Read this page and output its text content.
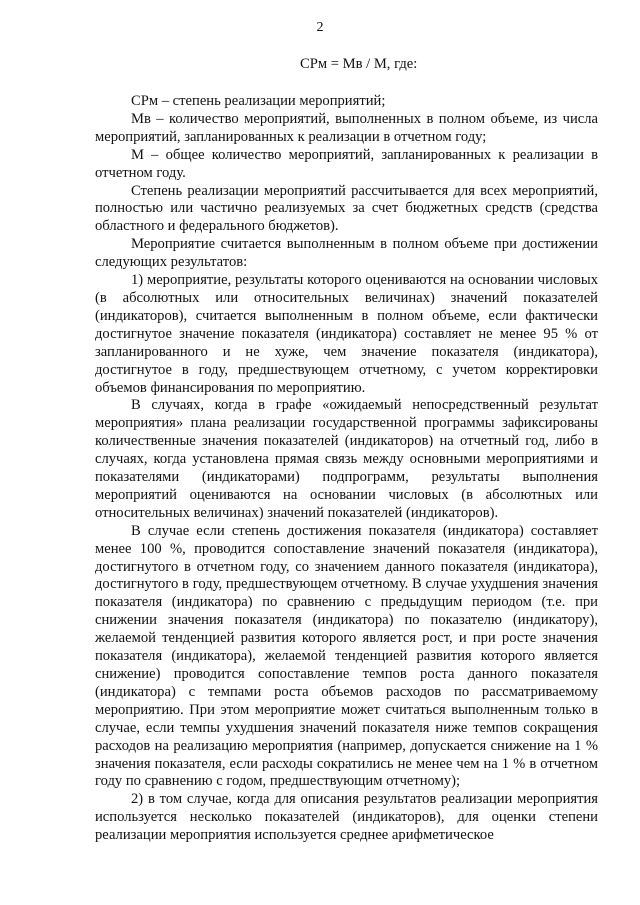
2
СРм = Мв / М, где:

СРм – степень реализации мероприятий;

Мв – количество мероприятий, выполненных в полном объеме, из числа мероприятий, запланированных к реализации в отчетном году;

М – общее количество мероприятий, запланированных к реализации в отчетном году.

Степень реализации мероприятий рассчитывается для всех мероприятий, полностью или частично реализуемых за счет бюджетных средств (средства областного и федерального бюджетов).

Мероприятие считается выполненным в полном объеме при достижении следующих результатов:

1) мероприятие, результаты которого оцениваются на основании числовых (в абсолютных или относительных величинах) значений показателей (индикаторов), считается выполненным в полном объеме, если фактически достигнутое значение показателя (индикатора) составляет не менее 95 % от запланированного и не хуже, чем значение показателя (индикатора), достигнутое в году, предшествующем отчетному, с учетом корректировки объемов финансирования по мероприятию.

В случаях, когда в графе «ожидаемый непосредственный результат мероприятия» плана реализации государственной программы зафиксированы количественные значения показателей (индикаторов) на отчетный год, либо в случаях, когда установлена прямая связь между основными мероприятиями и показателями (индикаторами) подпрограмм, результаты выполнения мероприятий оцениваются на основании числовых (в абсолютных или относительных величинах) значений показателей (индикаторов).

В случае если степень достижения показателя (индикатора) составляет менее 100 %, проводится сопоставление значений показателя (индикатора), достигнутого в отчетном году, со значением данного показателя (индикатора), достигнутого в году, предшествующем отчетному. В случае ухудшения значения показателя (индикатора) по сравнению с предыдущим периодом (т.е. при снижении значения показателя (индикатора) по показателю (индикатору), желаемой тенденцией развития которого является рост, и при росте значения показателя (индикатора), желаемой тенденцией развития которого является снижение) проводится сопоставление темпов роста данного показателя (индикатора) с темпами роста объемов расходов по рассматриваемому мероприятию. При этом мероприятие может считаться выполненным только в случае, если темпы ухудшения значений показателя ниже темпов сокращения расходов на реализацию мероприятия (например, допускается снижение на 1 % значения показателя, если расходы сократились не менее чем на 1 % в отчетном году по сравнению с годом, предшествующим отчетному);

2) в том случае, когда для описания результатов реализации мероприятия используется несколько показателей (индикаторов), для оценки степени реализации мероприятия используется среднее арифметическое
